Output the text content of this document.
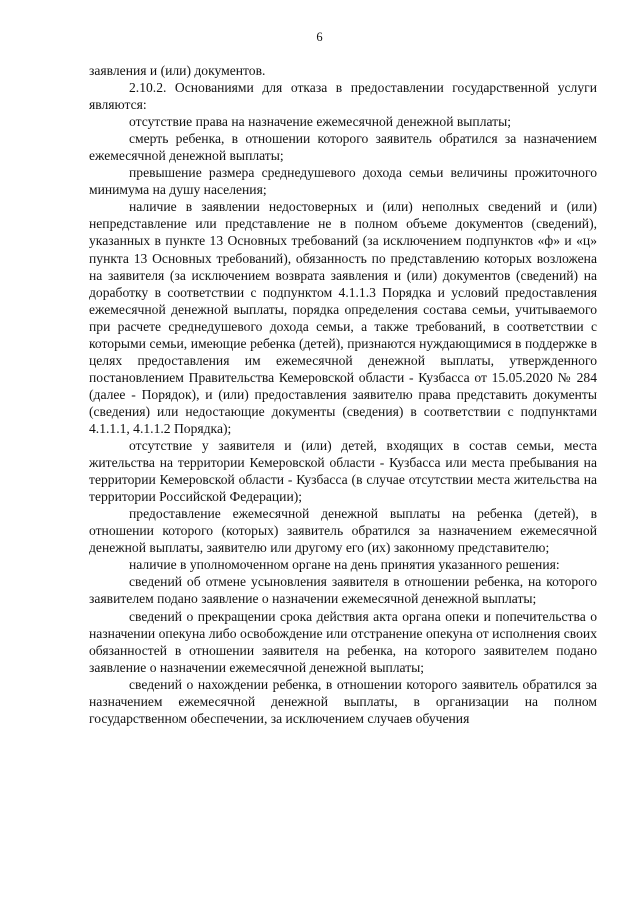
6

заявления и (или) документов.

2.10.2. Основаниями для отказа в предоставлении государственной услуги являются:

отсутствие права на назначение ежемесячной денежной выплаты;

смерть ребенка, в отношении которого заявитель обратился за назначением ежемесячной денежной выплаты;

превышение размера среднедушевого дохода семьи величины прожиточного минимума на душу населения;

наличие в заявлении недостоверных и (или) неполных сведений и (или) непредставление или представление не в полном объеме документов (сведений), указанных в пункте 13 Основных требований (за исключением подпунктов «ф» и «ц» пункта 13 Основных требований), обязанность по представлению которых возложена на заявителя (за исключением возврата заявления и (или) документов (сведений) на доработку в соответствии с подпунктом 4.1.1.3 Порядка и условий предоставления ежемесячной денежной выплаты, порядка определения состава семьи, учитываемого при расчете среднедушевого дохода семьи, а также требований, в соответствии с которыми семьи, имеющие ребенка (детей), признаются нуждающимися в поддержке в целях предоставления им ежемесячной денежной выплаты, утвержденного постановлением Правительства Кемеровской области - Кузбасса от 15.05.2020 № 284 (далее - Порядок), и (или) предоставления заявителю права представить документы (сведения) или недостающие документы (сведения) в соответствии с подпунктами 4.1.1.1, 4.1.1.2 Порядка);

отсутствие у заявителя и (или) детей, входящих в состав семьи, места жительства на территории Кемеровской области - Кузбасса или места пребывания на территории Кемеровской области - Кузбасса (в случае отсутствии места жительства на территории Российской Федерации);

предоставление ежемесячной денежной выплаты на ребенка (детей), в отношении которого (которых) заявитель обратился за назначением ежемесячной денежной выплаты, заявителю или другому его (их) законному представителю;

наличие в уполномоченном органе на день принятия указанного решения:

сведений об отмене усыновления заявителя в отношении ребенка, на которого заявителем подано заявление о назначении ежемесячной денежной выплаты;

сведений о прекращении срока действия акта органа опеки и попечительства о назначении опекуна либо освобождение или отстранение опекуна от исполнения своих обязанностей в отношении заявителя на ребенка, на которого заявителем подано заявление о назначении ежемесячной денежной выплаты;

сведений о нахождении ребенка, в отношении которого заявитель обратился за назначением ежемесячной денежной выплаты, в организации на полном государственном обеспечении, за исключением случаев обучения
